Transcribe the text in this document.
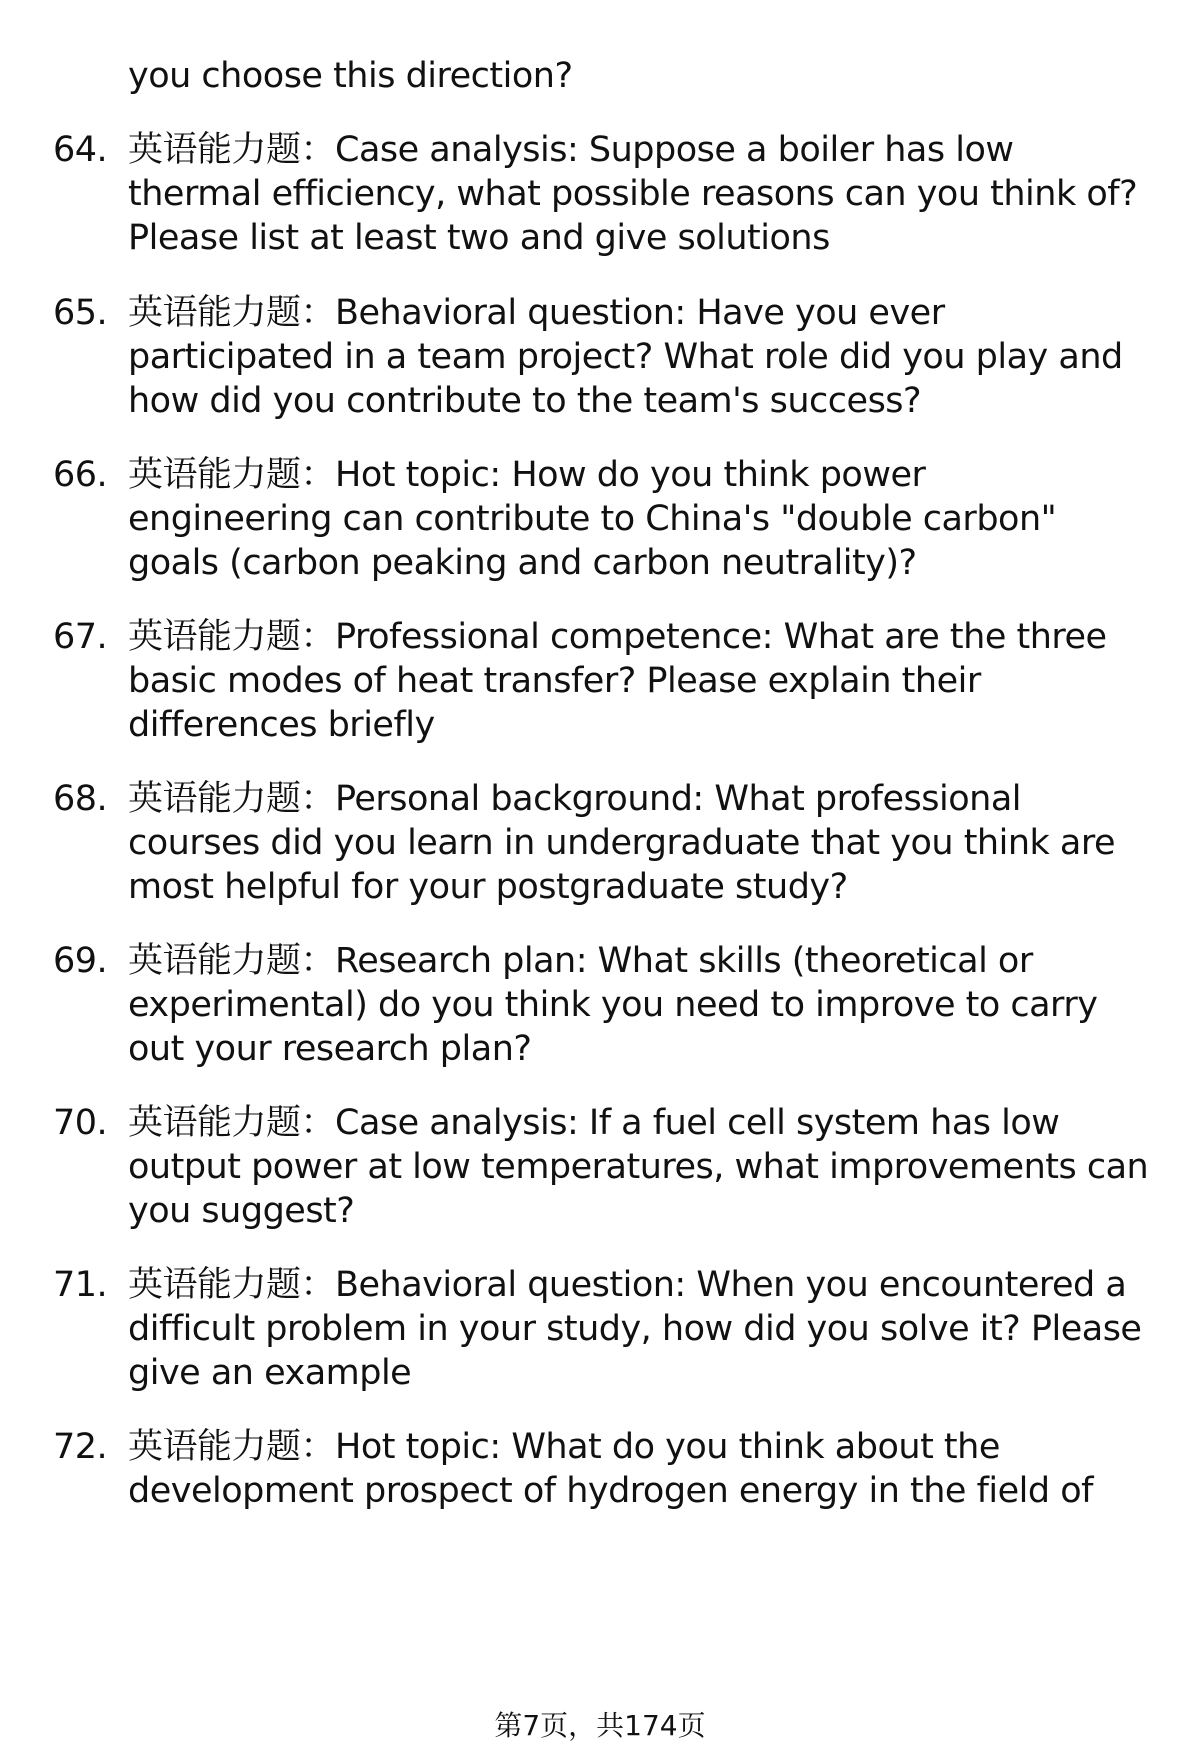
you choose this direction?
64. 英语能力题：Case analysis: Suppose a boiler has low
thermal efficiency, what possible reasons can you think of?
Please list at least two and give solutions
65. 英语能力题：Behavioral question: Have you ever
participated in a team project? What role did you play and
how did you contribute to the team's success?
66. 英语能力题：Hot topic: How do you think power
engineering can contribute to China's "double carbon"
goals (carbon peaking and carbon neutrality)?
67. 英语能力题：Professional competence: What are the three
basic modes of heat transfer? Please explain their
differences briefly
68. 英语能力题：Personal background: What professional
courses did you learn in undergraduate that you think are
most helpful for your postgraduate study?
69. 英语能力题：Research plan: What skills (theoretical or
experimental) do you think you need to improve to carry
out your research plan?
70. 英语能力题：Case analysis: If a fuel cell system has low
output power at low temperatures, what improvements can
you suggest?
71. 英语能力题：Behavioral question: When you encountered a
difficult problem in your study, how did you solve it? Please
give an example
72. 英语能力题：Hot topic: What do you think about the
development prospect of hydrogen energy in the field of
第7页，共174页
